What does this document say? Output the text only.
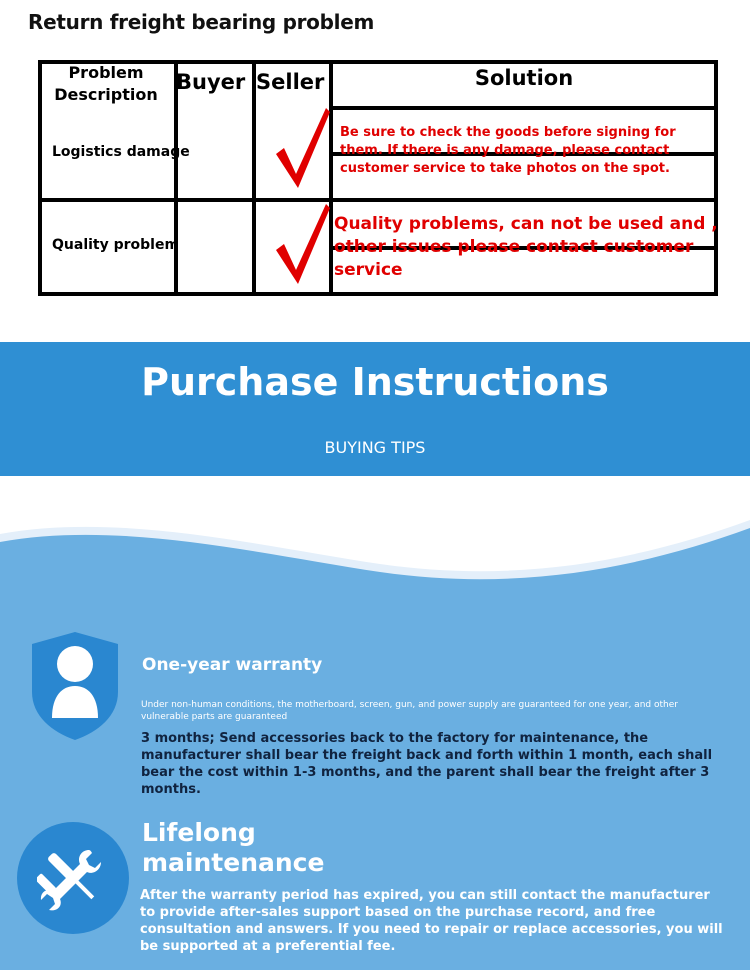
Return freight bearing problem
Problem
Description
Buyer Seller	Solution
Logistics damage
Be sure to check the goods before signing for them. If there is any damage, please contact customer service to take photos on the spot.
Quality problem
Quality problems, can not be used and , other issues please contact customer service
Purchase Instructions
BUYING TIPS
One-year warranty
Under non-human conditions, the motherboard, screen, gun, and power supply are guaranteed for one year, and other vulnerable parts are guaranteed
3 months; Send accessories back to the factory for maintenance, the manufacturer shall bear the freight back and forth within 1 month, each shall bear the cost within 1-3 months, and the parent shall bear the freight after 3 months.
Lifelong maintenance
After the warranty period has expired, you can still contact the manufacturer to provide after-sales support based on the purchase record, and free consultation and answers. If you need to repair or replace accessories, you will be supported at a preferential fee.
